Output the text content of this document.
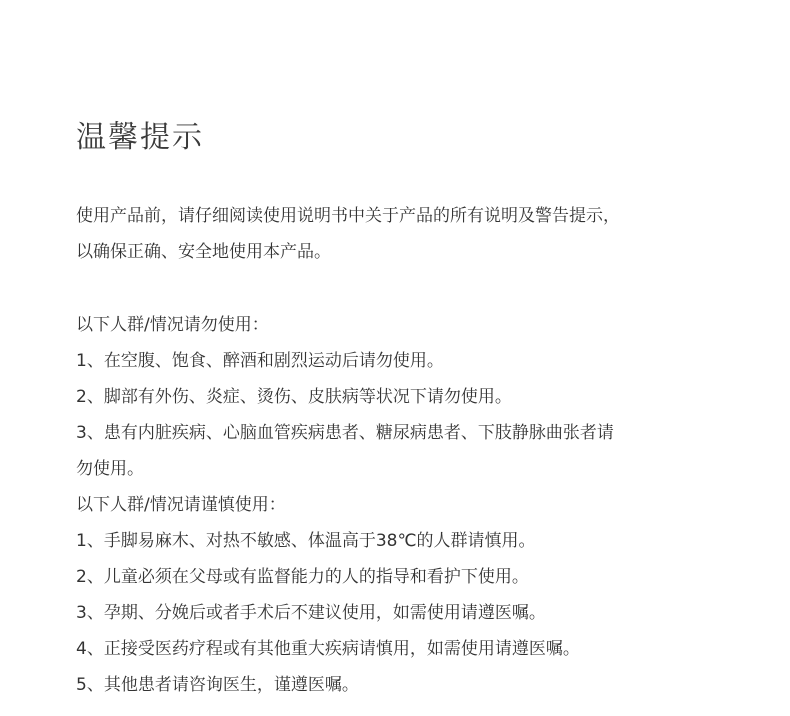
温馨提示
使用产品前，请仔细阅读使用说明书中关于产品的所有说明及警告提示，
以确保正确、安全地使用本产品。
以下人群/情况请勿使用：
1、在空腹、饱食、醉酒和剧烈运动后请勿使用。
2、脚部有外伤、炎症、烫伤、皮肤病等状况下请勿使用。
3、患有内脏疾病、心脑血管疾病患者、糖尿病患者、下肢静脉曲张者请
勿使用。
以下人群/情况请谨慎使用：
1、手脚易麻木、对热不敏感、体温高于38℃的人群请慎用。
2、儿童必须在父母或有监督能力的人的指导和看护下使用。
3、孕期、分娩后或者手术后不建议使用，如需使用请遵医嘱。
4、正接受医药疗程或有其他重大疾病请慎用，如需使用请遵医嘱。
5、其他患者请咨询医生，谨遵医嘱。
